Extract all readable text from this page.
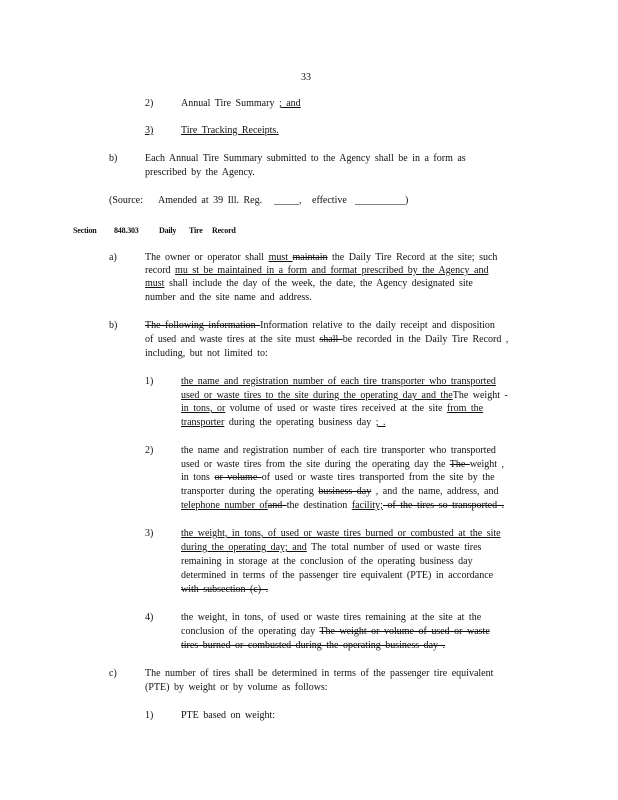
33
2)	Annual Tire Summary ; and
3)	Tire Tracking Receipts.
b)	Each Annual Tire Summary submitted to the Agency shall be in a form as
prescribed by the Agency.
(Source: Amended at 39 Ill. Reg. _____, effective __________)
Section 848.303	Daily Tire Record
a)	The owner or operator shall must maintain the Daily Tire Record at the site; such
record mu st be maintained in a form and format prescribed by the Agency and
must shall include the day of the week, the date, the Agency designated site
number and the site name and address.
b)	The following information Information relative to the daily receipt and disposition
of used and waste tires at the site must shall be recorded in the Daily Tire Record ,
including, but not limited to:
1)	the name and registration number of each tire transporter who transported
used or waste tires to the site during the operating day and theThe weight -
in tons, or volume of used or waste tires received at the site from the
transporter during the operating business day ; .
2)	the name and registration number of each tire transporter who transported
used or waste tires from the site during the operating day the The weight ,
in tons or volume of used or waste tires transported from the site by the
transporter during the operating business day , and the name, address, and
telephone number ofand the destination facility; of the tires so transported .
3)	the weight, in tons, of used or waste tires burned or combusted at the site
during the operating day; and The total number of used or waste tires
remaining in storage at the conclusion of the operating business day
determined in terms of the passenger tire equivalent (PTE) in accordance
with subsection (c) .
4)	the weight, in tons, of used or waste tires remaining at the site at the
conclusion of the operating day The weight or volume of used or waste
tires burned or combusted during the operating business day .
c)	The number of tires shall be determined in terms of the passenger tire equivalent
(PTE) by weight or by volume as follows:
1)	PTE based on weight:
